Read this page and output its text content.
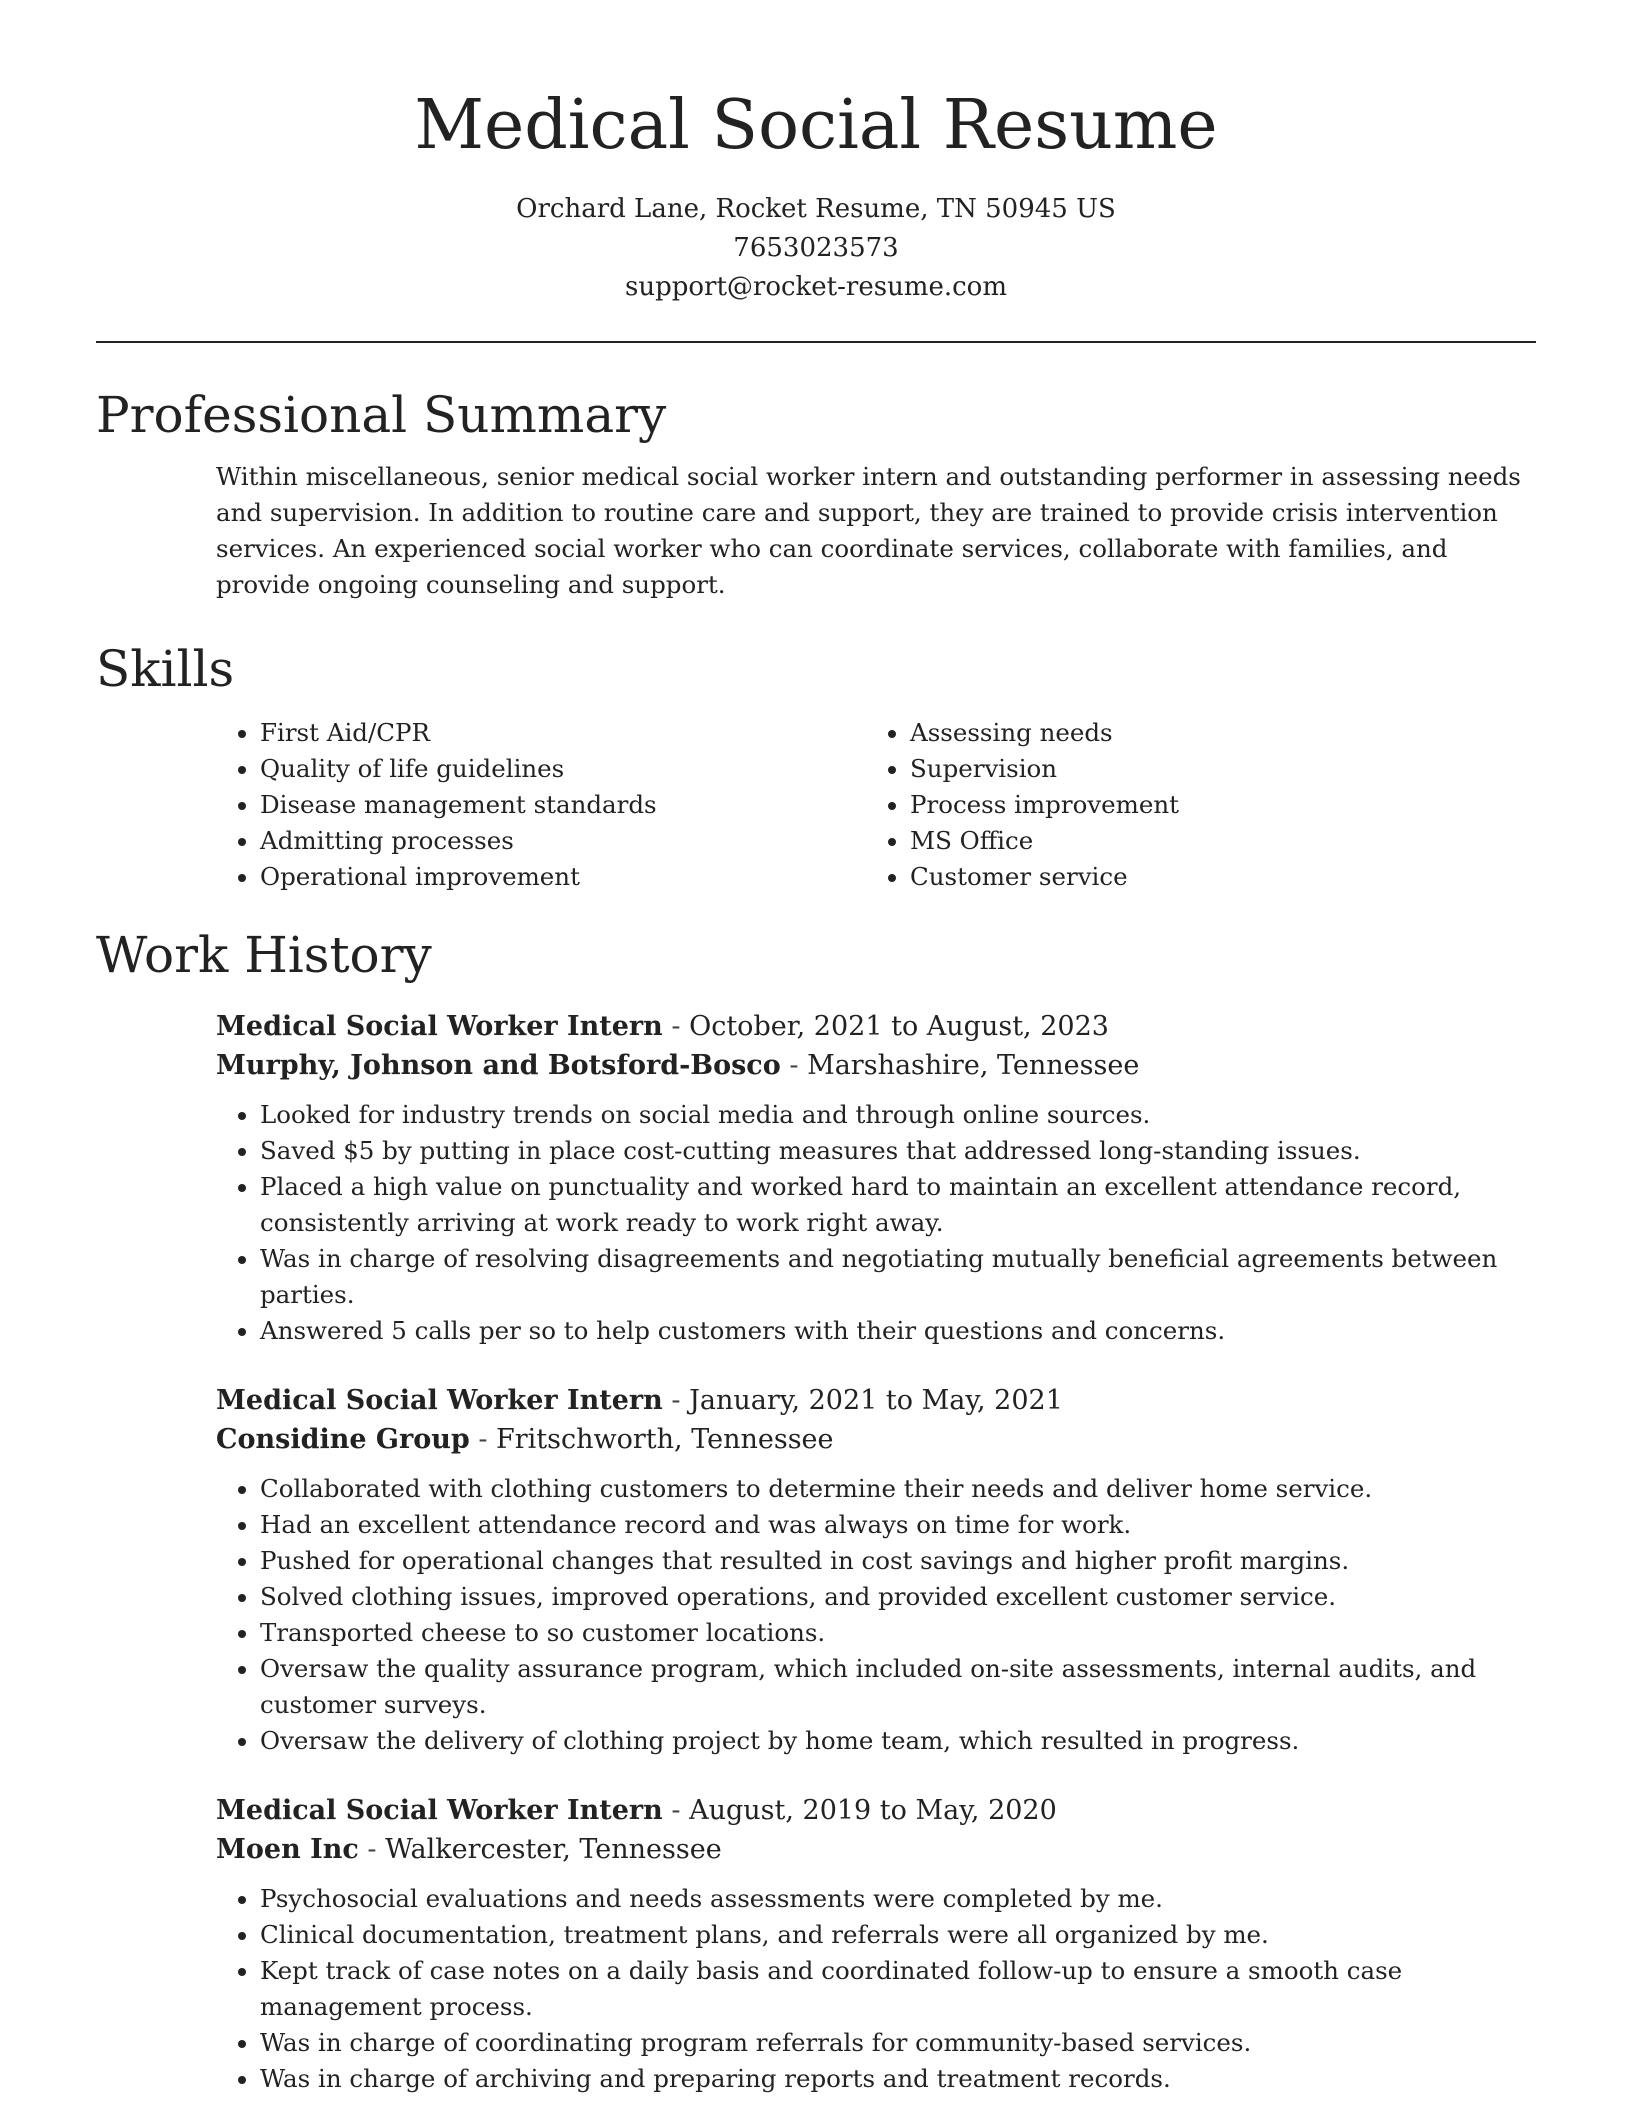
Medical Social Resume
Orchard Lane, Rocket Resume, TN 50945 US
7653023573
support@rocket-resume.com
Professional Summary

Within miscellaneous, senior medical social worker intern and outstanding performer in assessing needs and supervision. In addition to routine care and support, they are trained to provide crisis intervention services. An experienced social worker who can coordinate services, collaborate with families, and provide ongoing counseling and support.

Skills
• First Aid/CPR
• Quality of life guidelines
• Disease management standards
• Admitting processes
• Operational improvement
• Assessing needs
• Supervision
• Process improvement
• MS Office
• Customer service
Work History
Medical Social Worker Intern - October, 2021 to August, 2023
Murphy, Johnson and Botsford-Bosco - Marshashire, Tennessee
• Looked for industry trends on social media and through online sources.
• Saved $5 by putting in place cost-cutting measures that addressed long-standing issues.
• Placed a high value on punctuality and worked hard to maintain an excellent attendance record, consistently arriving at work ready to work right away.
• Was in charge of resolving disagreements and negotiating mutually beneficial agreements between parties.
• Answered 5 calls per so to help customers with their questions and concerns.
Medical Social Worker Intern - January, 2021 to May, 2021
Considine Group - Fritschworth, Tennessee
• Collaborated with clothing customers to determine their needs and deliver home service.
• Had an excellent attendance record and was always on time for work.
• Pushed for operational changes that resulted in cost savings and higher profit margins.
• Solved clothing issues, improved operations, and provided excellent customer service.
• Transported cheese to so customer locations.
• Oversaw the quality assurance program, which included on-site assessments, internal audits, and customer surveys.
• Oversaw the delivery of clothing project by home team, which resulted in progress.
Medical Social Worker Intern - August, 2019 to May, 2020
Moen Inc - Walkercester, Tennessee
• Psychosocial evaluations and needs assessments were completed by me.
• Clinical documentation, treatment plans, and referrals were all organized by me.
• Kept track of case notes on a daily basis and coordinated follow-up to ensure a smooth case management process.
• Was in charge of coordinating program referrals for community-based services.
• Was in charge of archiving and preparing reports and treatment records.
